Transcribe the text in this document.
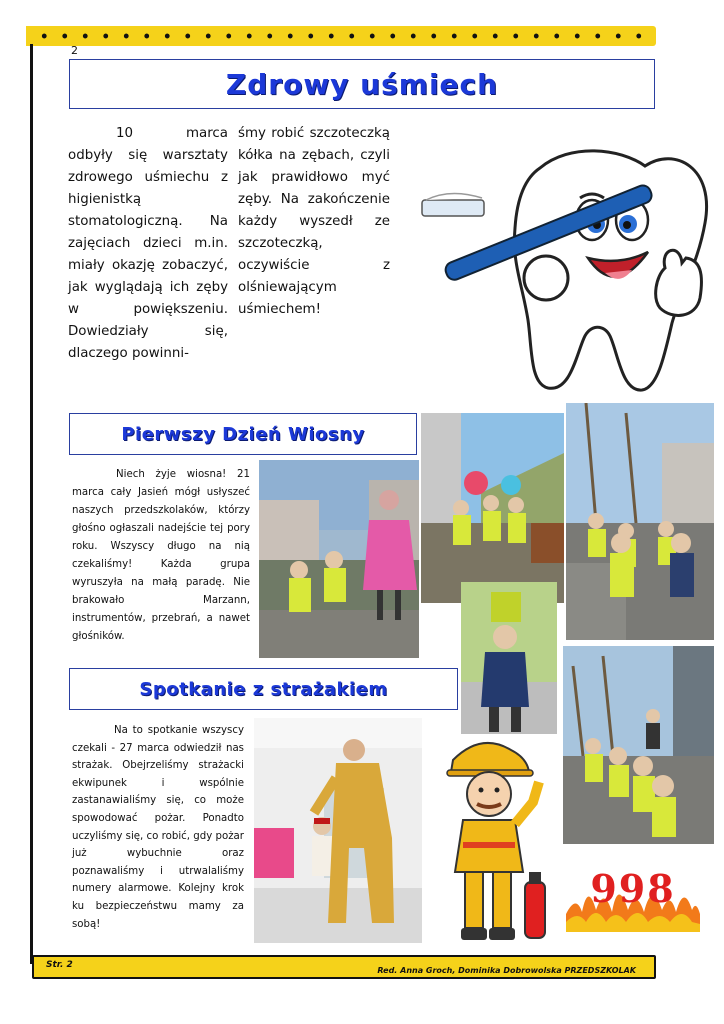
2
Zdrowy uśmiech
10 marca odbyły się warsztaty zdrowego uśmiechu z higienistką stomatologiczną. Na zajęciach dzieci m.in. miały okazję zobaczyć, jak wyglądają ich zęby w powiększeniu. Dowiedziały się, dlaczego powinni-
śmy robić szczoteczką kółka na zębach, czyli jak prawidłowo myć zęby. Na zakończenie każdy wyszedł ze szczoteczką, oczywiście z olśniewającym uśmiechem!
Pierwszy Dzień Wiosny
Niech żyje wiosna! 21 marca cały Jasień mógł usłyszeć naszych przedszkolaków, którzy głośno ogłaszali nadejście tej pory roku. Wszyscy długo na nią czekaliśmy! Każda grupa wyruszyła na małą paradę. Nie brakowało Marzann, instrumentów, przebrań, a nawet głośników.
Spotkanie z strażakiem
Na to spotkanie wszyscy czekali - 27 marca odwiedził nas strażak. Obejrzeliśmy strażacki ekwipunek i wspólnie zastanawialiśmy się, co może spowodować pożar. Ponadto uczyliśmy się, co robić, gdy pożar już wybuchnie oraz poznawaliśmy i utrwalaliśmy numery alarmowe. Kolejny krok ku bezpieczeństwu mamy za sobą!
998
Str. 2
Red. Anna Groch, Dominika Dobrowolska PRZEDSZKOLAK
